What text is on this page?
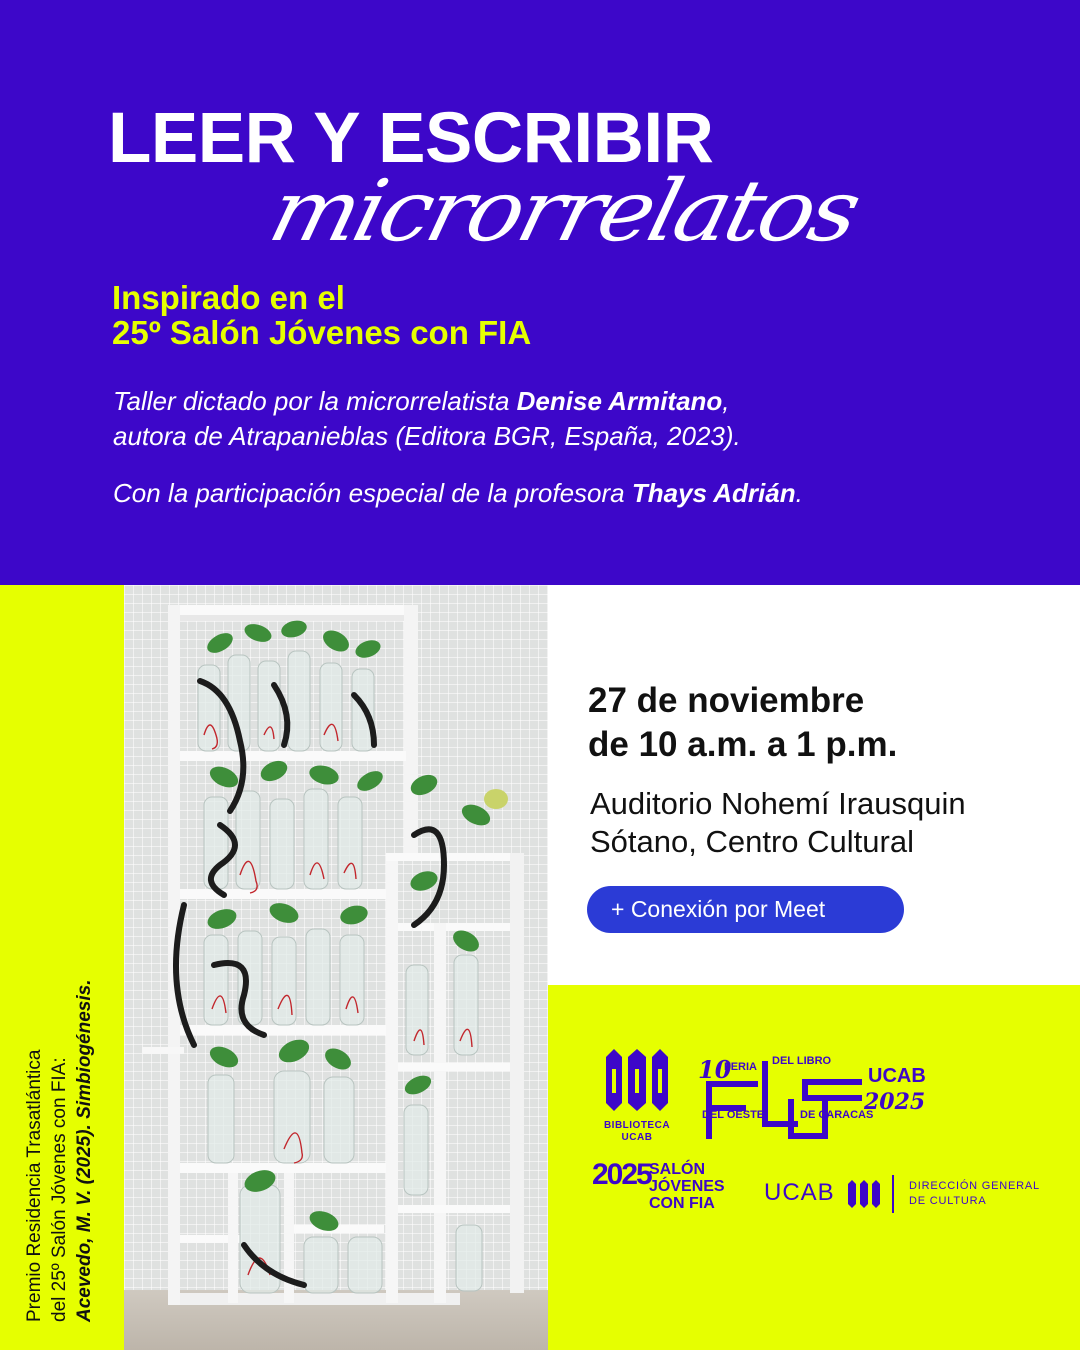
LEER Y ESCRIBIR
microrrelatos
Inspirado en el
25º Salón Jóvenes con FIA
Taller dictado por la microrrelatista Denise Armitano,
autora de Atrapanieblas (Editora BGR, España, 2023).
Con la participación especial de la profesora Thays Adrián.
Premio Residencia Trasatlántica del 25º Salón Jóvenes con FIA: Acevedo, M. V. (2025). Simbiogénesis.
27 de noviembre
de 10 a.m. a 1 p.m.
Auditorio Nohemí Irausquin
Sótano, Centro Cultural
+ Conexión por Meet
BIBLIOTECA
UCAB
10
FERIA DEL LIBRO
DEL OESTE	DE CARACAS
UCAB
2025
2025
SALÓN
JÓVENES
CON FIA	UCAB	DIRECCIÓN GENERAL
DE CULTURA
